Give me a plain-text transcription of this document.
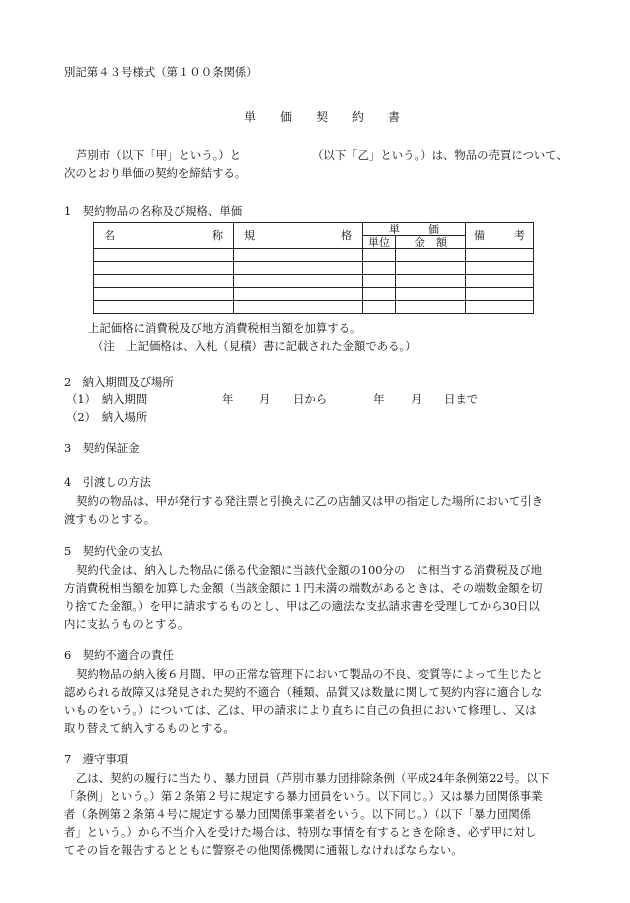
別記第４３号様式（第１００条関係）
単　　価　　契　　約　　書
芦別市（以下「甲」という。）と	（以下「乙」という。）は、物品の売買について、
次のとおり単価の契約を締結する。
1　契約物品の名称及び規格、単価
名 称	規 格	単 価		備 考

		単位	金　額	

上記価格に消費税及び地方消費税相当額を加算する。
（注　上記価格は、入札（見積）書に記載された金額である。）
2　納入期間及び場所
（1）　納入期間	年 月 日から	年 月 日まで
（2）　納入場所
3　契約保証金
4　引渡しの方法
契約の物品は、甲が発行する発注票と引換えに乙の店舗又は甲の指定した場所において引き
渡すものとする。
5　契約代金の支払
契約代金は、納入した物品に係る代金額に当該代金額の100分の　に相当する消費税及び地
方消費税相当額を加算した金額（当該金額に１円未満の端数があるときは、その端数金額を切
り捨てた金額。）を甲に請求するものとし、甲は乙の適法な支払請求書を受理してから30日以
内に支払うものとする。
6　契約不適合の責任
契約物品の納入後６月間、甲の正常な管理下において製品の不良、変質等によって生じたと
認められる故障又は発見された契約不適合（種類、品質又は数量に関して契約内容に適合しな
いものをいう。）については、乙は、甲の請求により直ちに自己の負担において修理し、又は
取り替えて納入するものとする。
7　遵守事項
乙は、契約の履行に当たり、暴力団員（芦別市暴力団排除条例（平成24年条例第22号。以下
「条例」という。）第２条第２号に規定する暴力団員をいう。以下同じ。）又は暴力団関係事業
者（条例第２条第４号に規定する暴力団関係事業者をいう。以下同じ。）（以下「暴力団関係
者」という。）から不当介入を受けた場合は、特別な事情を有するときを除き、必ず甲に対し
てその旨を報告するとともに警察その他関係機関に通報しなければならない。
